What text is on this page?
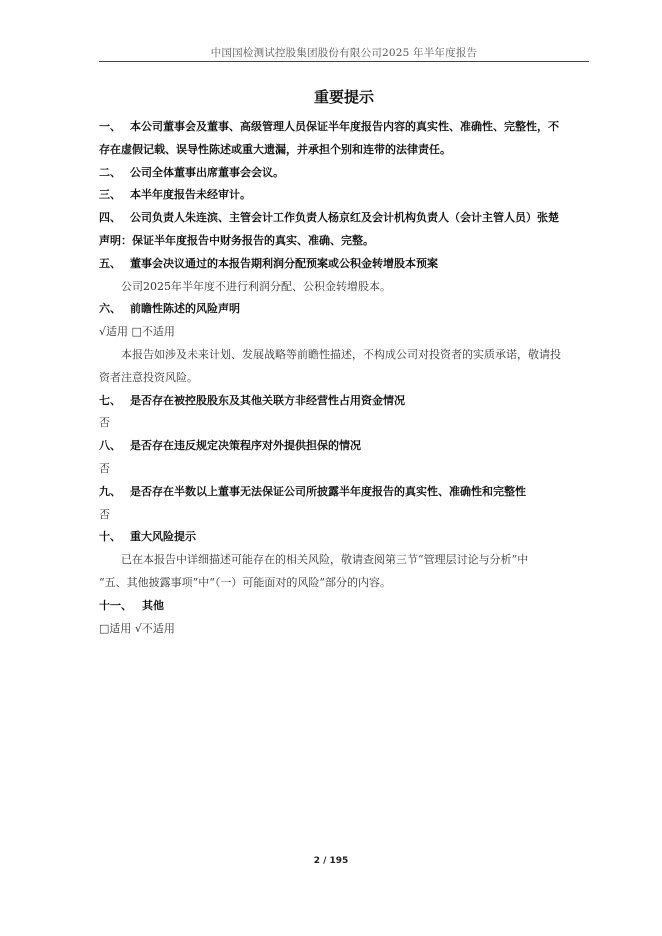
中国国检测试控股集团股份有限公司2025 年半年度报告
重要提示

一、 本公司董事会及董事、高级管理人员保证半年度报告内容的真实性、准确性、完整性，不

存在虚假记载、误导性陈述或重大遗漏，并承担个别和连带的法律责任。

二、 公司全体董事出席董事会会议。

三、 本半年度报告未经审计。

四、 公司负责人朱连滨、主管会计工作负责人杨京红及会计机构负责人（会计主管人员）张楚

声明：保证半年度报告中财务报告的真实、准确、完整。

五、 董事会决议通过的本报告期利润分配预案或公积金转增股本预案

公司2025年半年度不进行利润分配、公积金转增股本。

六、 前瞻性陈述的风险声明

√适用 □不适用

本报告如涉及未来计划、发展战略等前瞻性描述，不构成公司对投资者的实质承诺，敬请投

资者注意投资风险。

七、 是否存在被控股股东及其他关联方非经营性占用资金情况

否

八、 是否存在违反规定决策程序对外提供担保的情况

否

九、 是否存在半数以上董事无法保证公司所披露半年度报告的真实性、准确性和完整性

否

十、 重大风险提示

已在本报告中详细描述可能存在的相关风险，敬请查阅第三节“管理层讨论与分析”中

“五、其他披露事项”中“（一）可能面对的风险”部分的内容。

十一、 其他

□适用 √不适用

2 / 195
